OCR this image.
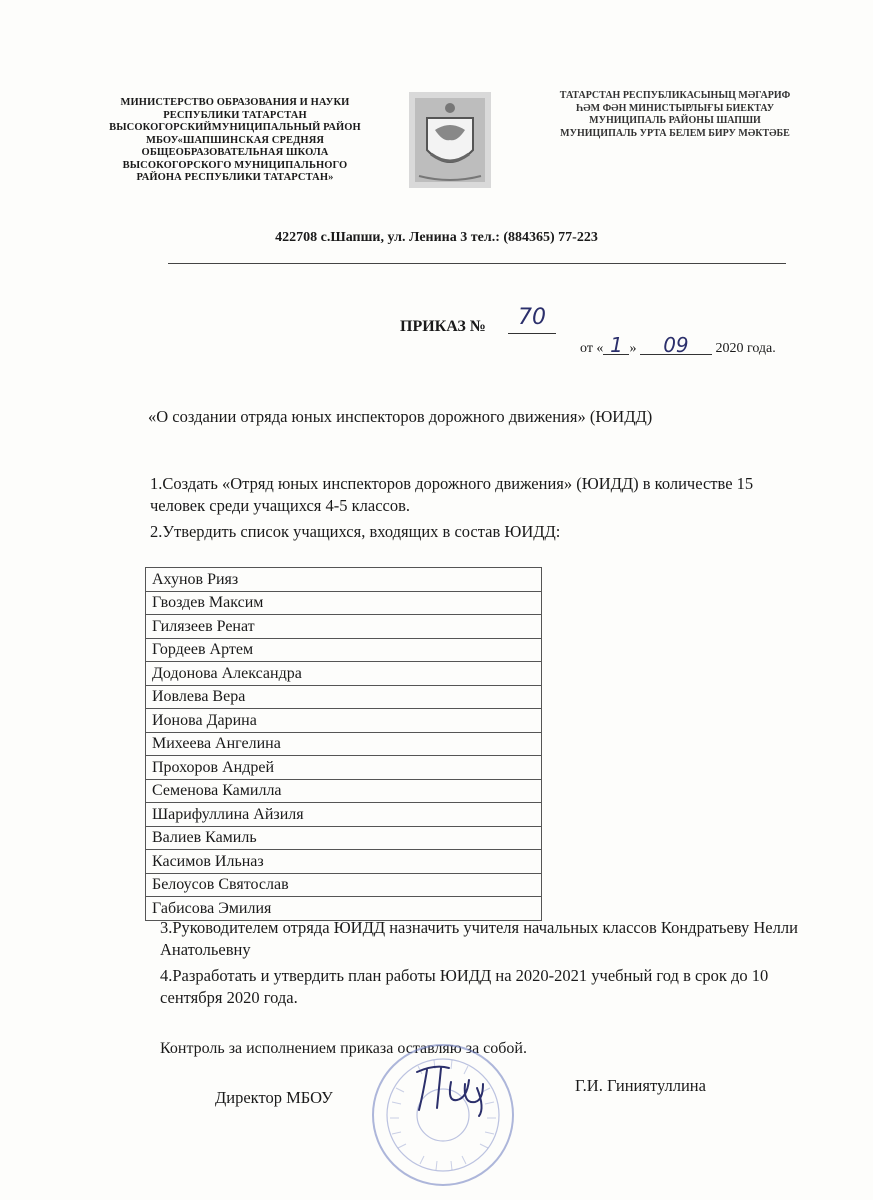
МИНИСТЕРСТВО ОБРАЗОВАНИЯ И НАУКИ
РЕСПУБЛИКИ ТАТАРСТАН
ВЫСОКОГОРСКИЙМУНИЦИПАЛЬНЫЙ РАЙОН
МБОУ«ШАПШИНСКАЯ СРЕДНЯЯ
ОБЩЕОБРАЗОВАТЕЛЬНАЯ ШКОЛА
ВЫСОКОГОРСКОГО МУНИЦИПАЛЬНОГО
РАЙОНА РЕСПУБЛИКИ ТАТАРСТАН»
ТАТАРСТАН РЕСПУБЛИКАСЫНЫЦ МӘГАРИФ
ҺӘМ ФӘН МИНИСТЫРЛЫҒЫ БИЕКТАУ
МУНИЦИПАЛЬ РАЙОНЫ ШАПШИ
МУНИЦИПАЛЬ УРТА БЕЛЕМ БИРУ МӘКТӘБЕ
422708 с.Шапши, ул. Ленина 3 тел.: (884365) 77-223
ПРИКАЗ №	70
от « 1 » 09 2020 года.
«О создании отряда юных инспекторов дорожного движения» (ЮИДД)
1.Создать «Отряд юных инспекторов дорожного движения» (ЮИДД) в количестве 15 человек среди учащихся 4-5 классов.
2.Утвердить список учащихся, входящих в состав ЮИДД:
Ахунов Рияз
Гвоздев Максим
Гилязеев Ренат
Гордеев Артем
Додонова Александра
Иовлева Вера
Ионова Дарина
Михеева Ангелина
Прохоров Андрей
Семенова Камилла
Шарифуллина Айзиля
Валиев Камиль
Касимов Ильназ
Белоусов Святослав
Габисова Эмилия
3.Руководителем отряда ЮИДД назначить учителя начальных классов Кондратьеву Нелли Анатольевну
4.Разработать и утвердить план работы ЮИДД на 2020-2021 учебный год в срок до 10 сентября 2020 года.
Контроль за исполнением приказа оставляю за собой.
Директор МБОУ
Г.И. Гиниятуллина
